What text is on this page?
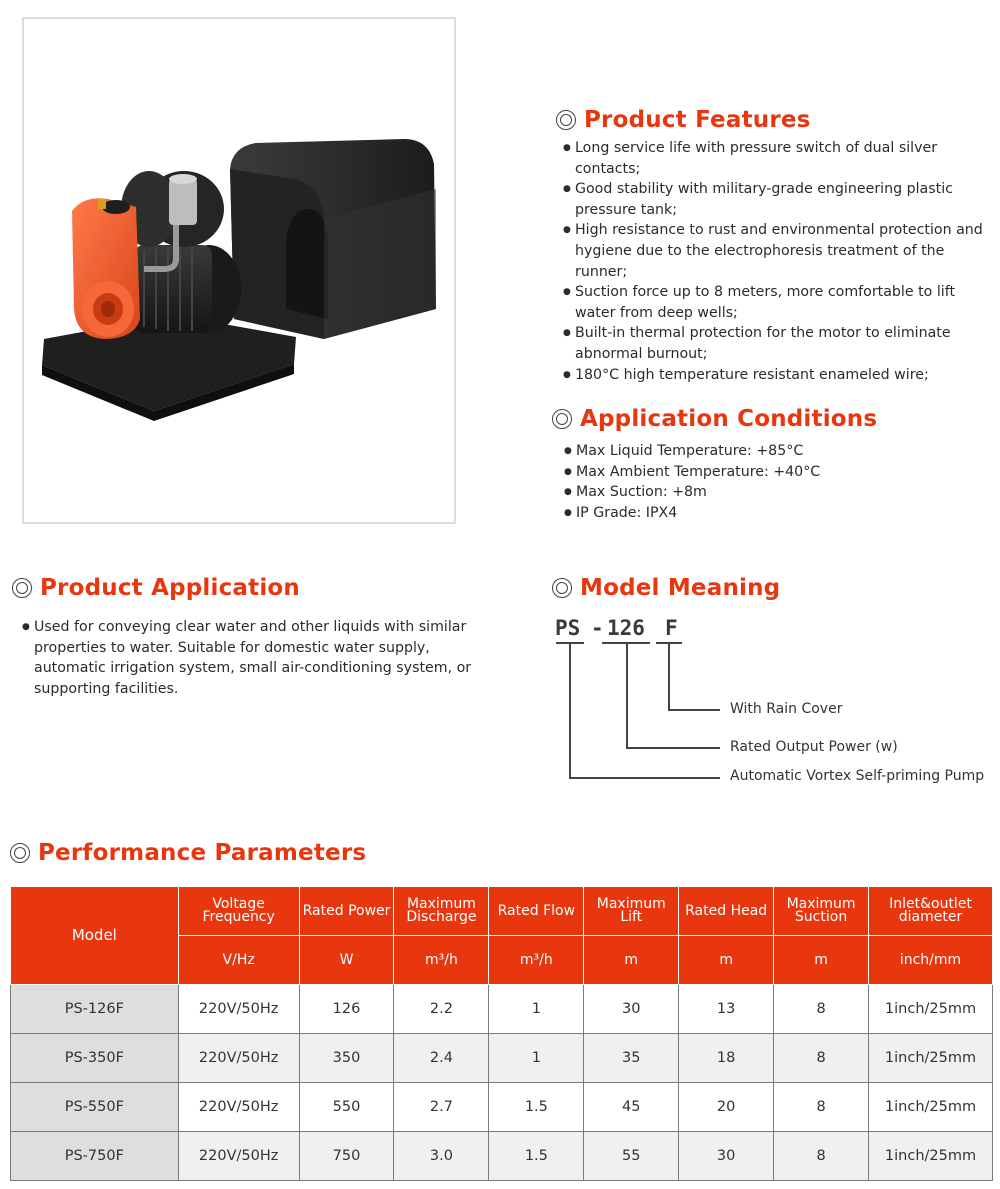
Product Features
● Long service life with pressure switch of dual silver contacts;
● Good stability with military-grade engineering plastic pressure tank;
● High resistance to rust and environmental protection and hygiene due to the electrophoresis treatment of the runner;
● Suction force up to 8 meters, more comfortable to lift water from deep wells;
● Built-in thermal protection for the motor to eliminate abnormal burnout;
● 180°C high temperature resistant enameled wire;
Application Conditions
● Max Liquid Temperature: +85°C
● Max Ambient Temperature: +40°C
● Max Suction: +8m
● IP Grade: IPX4
Product Application
● Used for conveying clear water and other liquids with similar properties to water. Suitable for domestic water supply, automatic irrigation system, small air-conditioning system, or supporting facilities.
Model Meaning
PS - 126 F
With Rain Cover
Rated Output Power (w)
Automatic Vortex Self-priming Pump
Performance Parameters
Model	Voltage Frequency	Rated Power	Maximum Discharge	Rated Flow	Maximum Lift	Rated Head	Maximum Suction	Inlet&outlet diameter
	V/Hz	W	m³/h	m³/h	m	m	m	inch/mm
PS-126F	220V/50Hz	126	2.2	1	30	13	8	1inch/25mm
PS-350F	220V/50Hz	350	2.4	1	35	18	8	1inch/25mm
PS-550F	220V/50Hz	550	2.7	1.5	45	20	8	1inch/25mm
PS-750F	220V/50Hz	750	3.0	1.5	55	30	8	1inch/25mm
